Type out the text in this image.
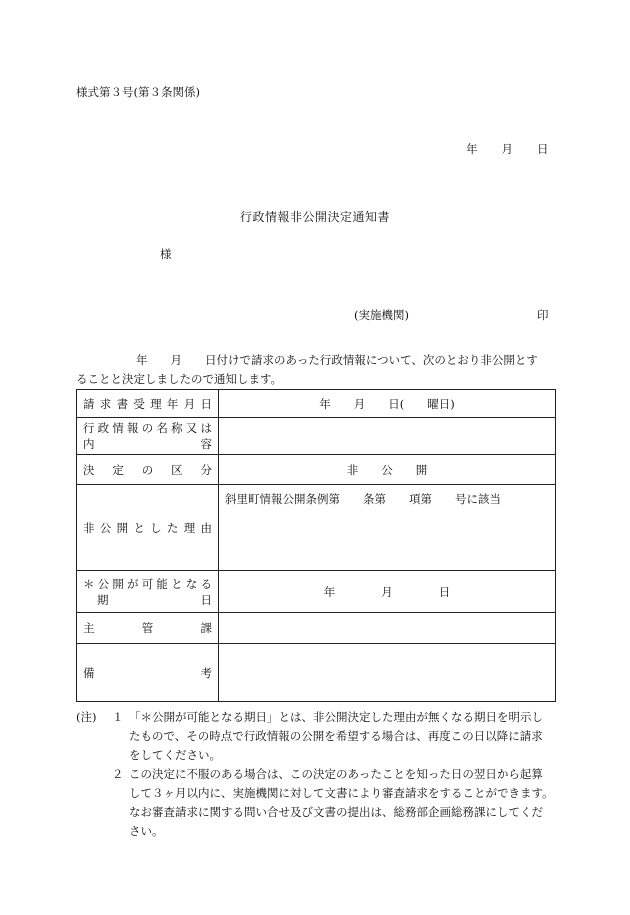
様式第３号(第３条関係)
年 月 日
行政情報非公開決定通知書
様
(実施機関)	印
年　　月　　日付けで請求のあった行政情報について、次のとおり非公開とす
ることと決定しましたので通知します。
請求書受理年月日	年　　月　　日(　　曜日)

行政情報の名称又は
内容	

決定の区分	非　　公　　開

非公開とした理由	斜里町情報公開条例第　　条第　　項第　　号に該当

＊公開が可能となる
期日	年　　　　月　　　　日

主管課	

備考	

(注) １ 「＊公開が可能となる期日」とは、非公開決定した理由が無くなる期日を明示し
たもので、その時点で行政情報の公開を希望する場合は、再度この日以降に請求
をしてください。
２ この決定に不服のある場合は、この決定のあったことを知った日の翌日から起算
して３ヶ月以内に、実施機関に対して文書により審査請求をすることができます。
なお審査請求に関する問い合せ及び文書の提出は、総務部企画総務課にしてくだ
さい。
